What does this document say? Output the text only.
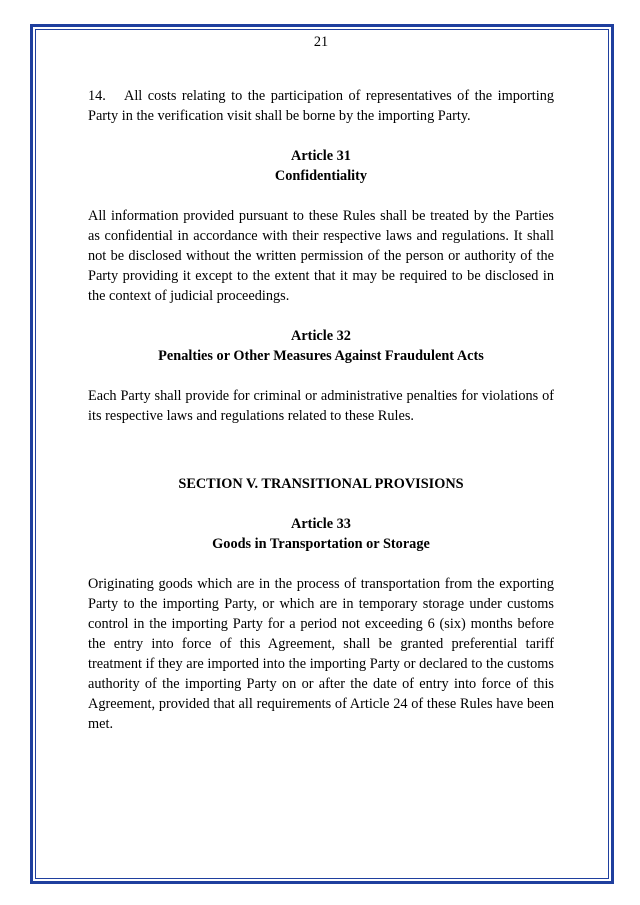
21

14. All costs relating to the participation of representatives of the importing Party in the verification visit shall be borne by the importing Party.

Article 31
Confidentiality

All information provided pursuant to these Rules shall be treated by the Parties as confidential in accordance with their respective laws and regulations. It shall not be disclosed without the written permission of the person or authority of the Party providing it except to the extent that it may be required to be disclosed in the context of judicial proceedings.

Article 32
Penalties or Other Measures Against Fraudulent Acts

Each Party shall provide for criminal or administrative penalties for violations of its respective laws and regulations related to these Rules.

SECTION V. TRANSITIONAL PROVISIONS
Article 33
Goods in Transportation or Storage

Originating goods which are in the process of transportation from the exporting Party to the importing Party, or which are in temporary storage under customs control in the importing Party for a period not exceeding 6 (six) months before the entry into force of this Agreement, shall be granted preferential tariff treatment if they are imported into the importing Party or declared to the customs authority of the importing Party on or after the date of entry into force of this Agreement, provided that all requirements of Article 24 of these Rules have been met.
